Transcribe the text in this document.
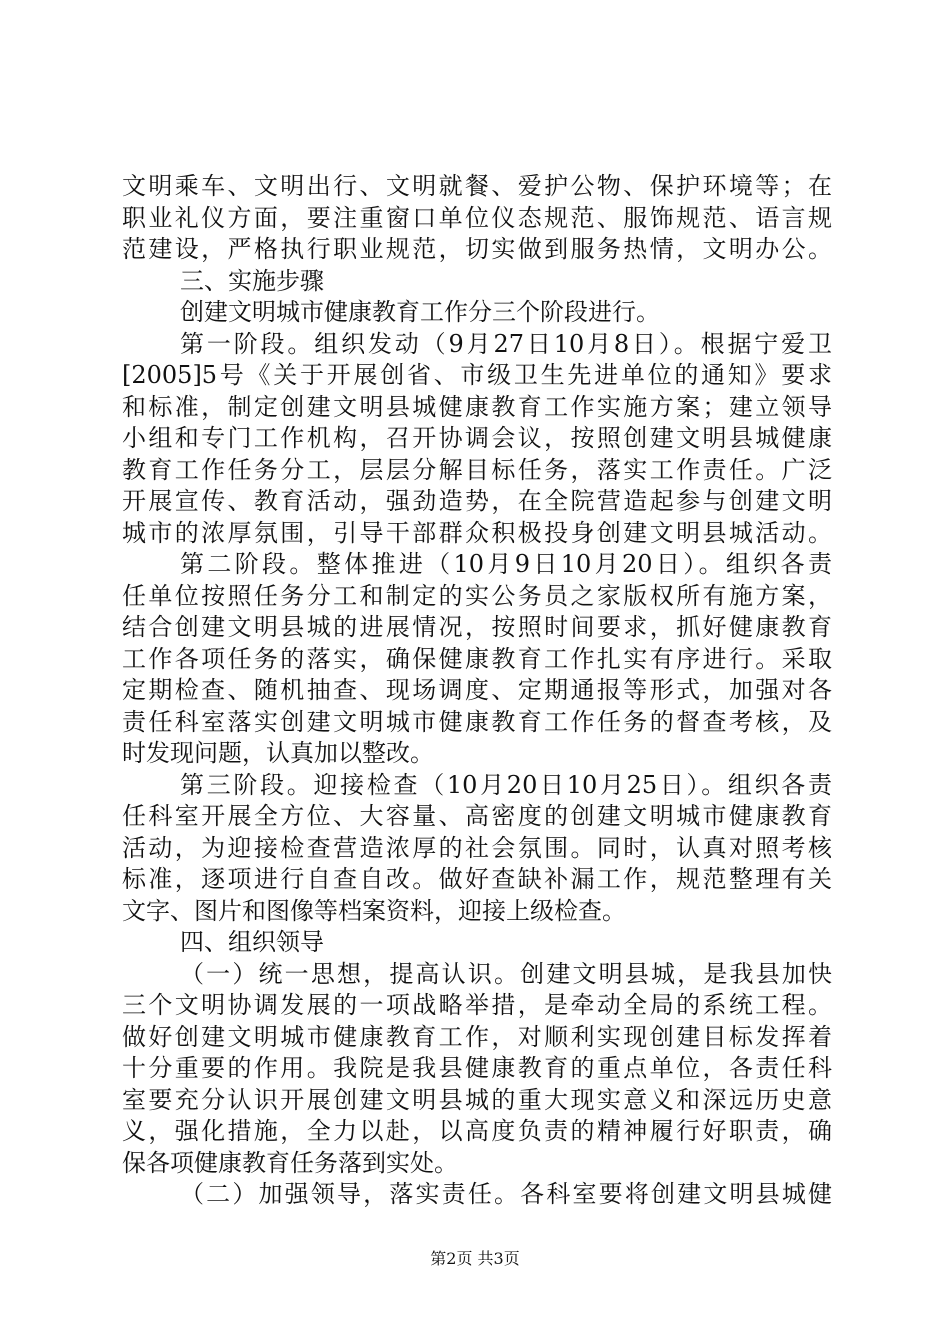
文明乘车、文明出行、文明就餐、爱护公物、保护环境等；在
职业礼仪方面，要注重窗口单位仪态规范、服饰规范、语言规
范建设，严格执行职业规范，切实做到服务热情，文明办公。
三、实施步骤
创建文明城市健康教育工作分三个阶段进行。
第一阶段。组织发动（9月27日10月8日）。根据宁爱卫
[2005]5号《关于开展创省、市级卫生先进单位的通知》要求
和标准，制定创建文明县城健康教育工作实施方案；建立领导
小组和专门工作机构，召开协调会议，按照创建文明县城健康
教育工作任务分工，层层分解目标任务，落实工作责任。广泛
开展宣传、教育活动，强劲造势，在全院营造起参与创建文明
城市的浓厚氛围，引导干部群众积极投身创建文明县城活动。
第二阶段。整体推进（10月9日10月20日）。组织各责
任单位按照任务分工和制定的实公务员之家版权所有施方案，
结合创建文明县城的进展情况，按照时间要求，抓好健康教育
工作各项任务的落实，确保健康教育工作扎实有序进行。采取
定期检查、随机抽查、现场调度、定期通报等形式，加强对各
责任科室落实创建文明城市健康教育工作任务的督查考核，及
时发现问题，认真加以整改。
第三阶段。迎接检查（10月20日10月25日）。组织各责
任科室开展全方位、大容量、高密度的创建文明城市健康教育
活动，为迎接检查营造浓厚的社会氛围。同时，认真对照考核
标准，逐项进行自查自改。做好查缺补漏工作，规范整理有关
文字、图片和图像等档案资料，迎接上级检查。
四、组织领导
（一）统一思想，提高认识。创建文明县城，是我县加快
三个文明协调发展的一项战略举措，是牵动全局的系统工程。
做好创建文明城市健康教育工作，对顺利实现创建目标发挥着
十分重要的作用。我院是我县健康教育的重点单位，各责任科
室要充分认识开展创建文明县城的重大现实意义和深远历史意
义，强化措施，全力以赴，以高度负责的精神履行好职责，确
保各项健康教育任务落到实处。
（二）加强领导，落实责任。各科室要将创建文明县城健
第2页 共3页
